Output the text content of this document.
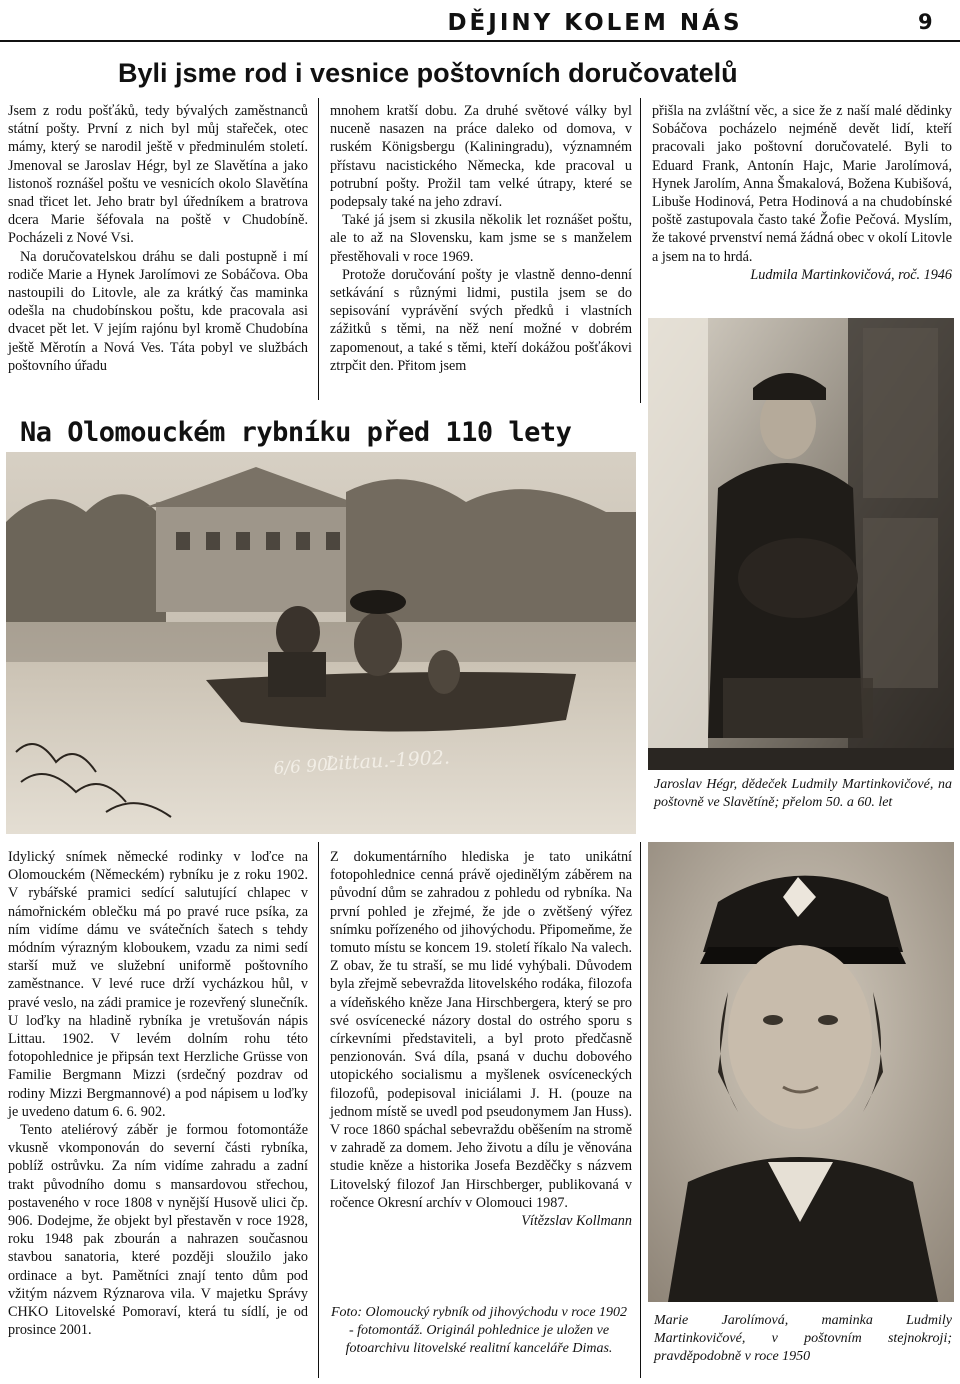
DĚJINY KOLEM NÁS	9
Byli jsme rod i vesnice poštovních doručovatelů

Jsem z rodu pošťáků, tedy bývalých zaměstnanců státní pošty. První z nich byl můj stařeček, otec mámy, který se narodil ještě v předminulém století. Jmenoval se Jaroslav Hégr, byl ze Slavětína a jako listonoš roznášel poštu ve vesnicích okolo Slavětína snad třicet let. Jeho bratr byl úředníkem a bratrova dcera Marie šéfovala na poště v Chudobíně. Pocházeli z Nové Vsi.

Na doručovatelskou dráhu se dali postupně i mí rodiče Marie a Hynek Jarolímovi ze Sobáčova. Oba nastoupili do Litovle, ale za krátký čas maminka odešla na chudobínskou poštu, kde pracovala asi dvacet pět let. V jejím rajónu byl kromě Chudobína ještě Měrotín a Nová Ves. Táta pobyl ve službách poštovního úřadu

mnohem kratší dobu. Za druhé světové války byl nuceně nasazen na práce daleko od domova, v ruském Königsbergu (Kaliningradu), významném přístavu nacistického Německa, kde pracoval u potrubní pošty. Prožil tam velké útrapy, které se podepsaly také na jeho zdraví.

Také já jsem si zkusila několik let roznášet poštu, ale to až na Slovensku, kam jsme se s manželem přestěhovali v roce 1969.

Protože doručování pošty je vlastně denno-denní setkávání s různými lidmi, pustila jsem se do sepisování vyprávění svých předků i vlastních zážitků s těmi, na něž není možné v dobrém zapomenout, a také s těmi, kteří dokážou pošťákovi ztrpčit den. Přitom jsem

přišla na zvláštní věc, a sice že z naší malé dědinky Sobáčova pocházelo nejméně devět lidí, kteří pracovali jako poštovní doručovatelé. Byli to Eduard Frank, Antonín Hajc, Marie Jarolímová, Hynek Jarolím, Anna Šmakalová, Božena Kubišová, Libuše Hodinová, Petra Hodinová a na chudobínské poště zastupovala často také Žofie Pečová. Myslím, že takové prvenství nemá žádná obec v okolí Litovle a jsem na to hrdá.

Ludmila Martinkovičová, roč. 1946

Jaroslav Hégr, dědeček Ludmily Martinkovičové, na poštovně ve Slavětíně; přelom 50. a 60. let
Na Olomouckém rybníku před 110 lety
6/6 902
Littau.-1902.

Idylický snímek německé rodinky v loďce na Olomouckém (Německém) rybníku je z roku 1902. V rybářské pramici sedící salutující chlapec v námořnickém oblečku má po pravé ruce psíka, za ním vidíme dámu ve svátečních šatech s tehdy módním výrazným kloboukem, vzadu za nimi sedí starší muž ve služební uniformě poštovního zaměstnance. V levé ruce drží vycházkou hůl, v pravé veslo, na zádi pramice je rozevřený slunečník. U loďky na hladině rybníka je vretušován nápis Littau. 1902. V levém dolním rohu této fotopohlednice je připsán text Herzliche Grüsse von Familie Bergmann Mizzi (srdečný pozdrav od rodiny Mizzi Bergmannové) a pod nápisem u loďky je uvedeno datum 6. 6. 902.

Tento ateliérový záběr je formou fotomontáže vkusně vkomponován do severní části rybníka, poblíž ostrůvku. Za ním vidíme zahradu a zadní trakt původního domu s mansardovou střechou, postaveného v roce 1808 v nynější Husově ulici čp. 906. Dodejme, že objekt byl přestavěn v roce 1928, roku 1948 pak zbourán a nahrazen současnou stavbou sanatoria, které později sloužilo jako ordinace a byt. Pamětníci znají tento dům pod vžitým názvem Rýznarova vila. V majetku Správy CHKO Litovelské Pomoraví, která tu sídlí, je od prosince 2001.

Z dokumentárního hlediska je tato unikátní fotopohlednice cenná právě ojedinělým záběrem na původní dům se zahradou z pohledu od rybníka. Na první pohled je zřejmé, že jde o zvětšený výřez snímku pořízeného od jihovýchodu. Připomeňme, že tomuto místu se koncem 19. století říkalo Na valech. Z obav, že tu straší, se mu lidé vyhýbali. Důvodem byla zřejmě sebevražda litovelského rodáka, filozofa a vídeňského kněze Jana Hirschbergera, který se pro své osvícenecké názory dostal do ostrého sporu s církevními představiteli, a byl proto předčasně penzionován. Svá díla, psaná v duchu dobového utopického socialismu a myšlenek osvíceneckých filozofů, podepisoval iniciálami J. H. (pouze na jednom místě se uvedl pod pseudonymem Jan Huss). V roce 1860 spáchal sebevraždu oběšením na stromě v zahradě za domem. Jeho životu a dílu je věnována studie kněze a historika Josefa Bezděčky s názvem Litovelský filozof Jan Hirschberger, publikovaná v ročence Okresní archív v Olomouci 1987.

Vítězslav Kollmann

Foto: Olomoucký rybník od jihovýchodu v roce 1902 - fotomontáž. Originál pohlednice je uložen ve fotoarchivu litovelské realitní kanceláře Dimas.
Marie Jarolímová, maminka Ludmily Martinkovičové, v poštovním stejnokroji; pravděpodobně v roce 1950
